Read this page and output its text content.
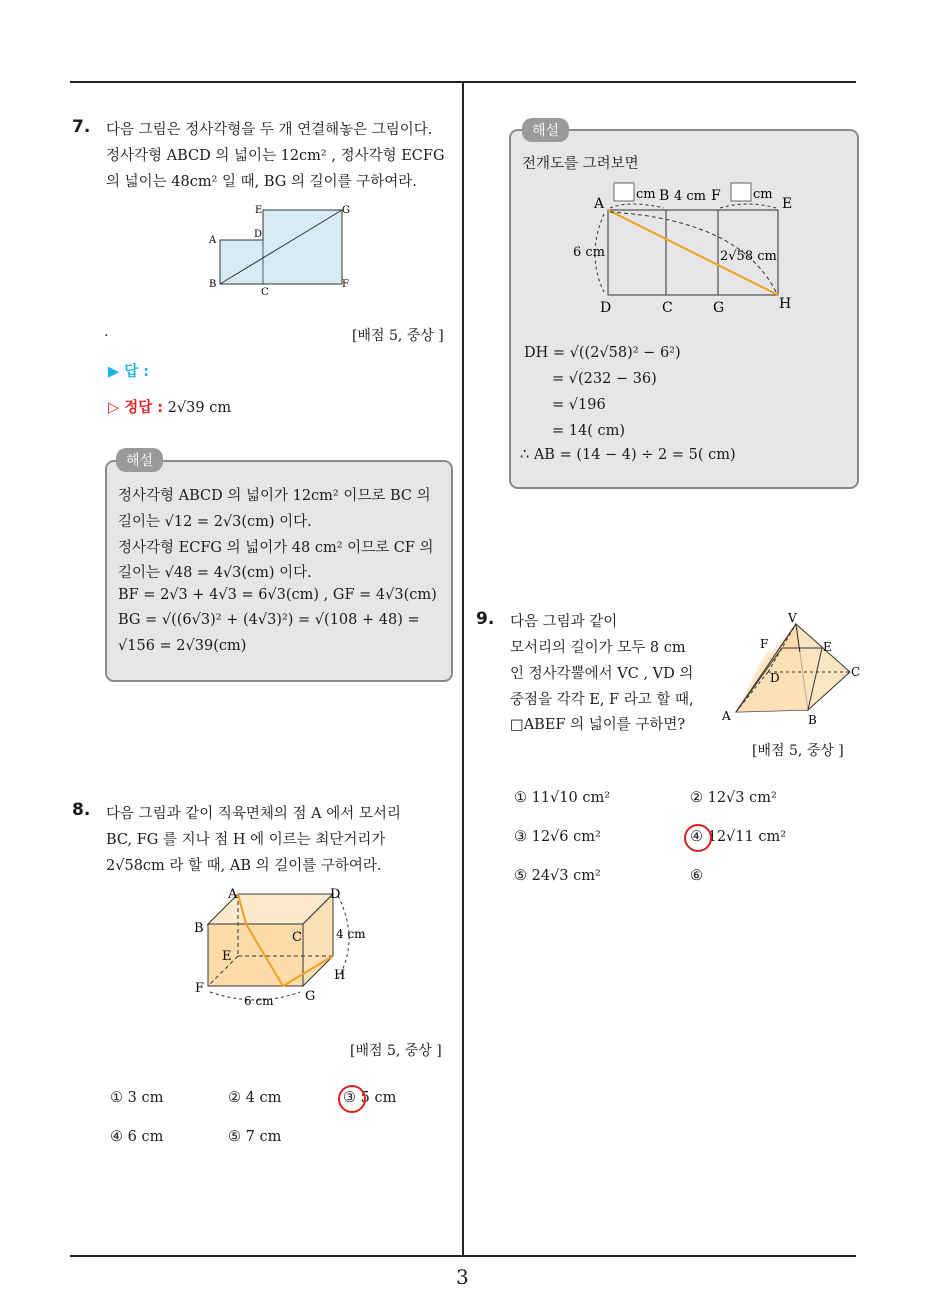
3
7. 다음 그림은 정사각형을 두 개 연결해놓은 그림이다.
정사각형 ABCD 의 넓이는 12cm² , 정사각형 ECFG
의 넓이는 48cm² 일 때, BG 의 길이를 구하여라.
A
B
C
D
E
F
G
.	[배점 5, 중상 ]
▶ 답 :
▷ 정답 : 2√39 cm
해설
정사각형 ABCD 의 넓이가 12cm² 이므로 BC 의
길이는 √12 = 2√3(cm) 이다.
정사각형 ECFG 의 넓이가 48 cm² 이므로 CF 의
길이는 √48 = 4√3(cm) 이다.
BF = 2√3 + 4√3 = 6√3(cm) , GF = 4√3(cm)
BG = √((6√3)² + (4√3)²) = √(108 + 48) =
√156 = 2√39(cm)
8. 다음 그림과 같이 직육면체의 점 A 에서 모서리
BC, FG 를 지나 점 H 에 이르는 최단거리가
2√58cm 라 할 때, AB 의 길이를 구하여라.
A	D
B
C
E
F
G
H
4 cm
6 cm
[배점 5, 중상 ]
① 3 cm	② 4 cm	③ 5 cm
④ 6 cm	⑤ 7 cm
해설
전개도를 그려보면
A
cm B 4 cm F cm
E
6 cm	2√58 cm
D	C	G	H
DH = √((2√58)² − 6²)
= √(232 − 36)
= √196
= 14( cm)
∴ AB = (14 − 4) ÷ 2 = 5( cm)
9. 다음 그림과 같이
모서리의 길이가 모두 8 cm
인 정사각뿔에서 VC , VD 의
중점을 각각 E, F 라고 할 때,
□ABEF 의 넓이를 구하면?
V
F	E
D	C
A	B
[배점 5, 중상 ]
① 11√10 cm²	② 12√3 cm²
③ 12√6 cm²	④ 12√11 cm²
⑤ 24√3 cm²	⑥
